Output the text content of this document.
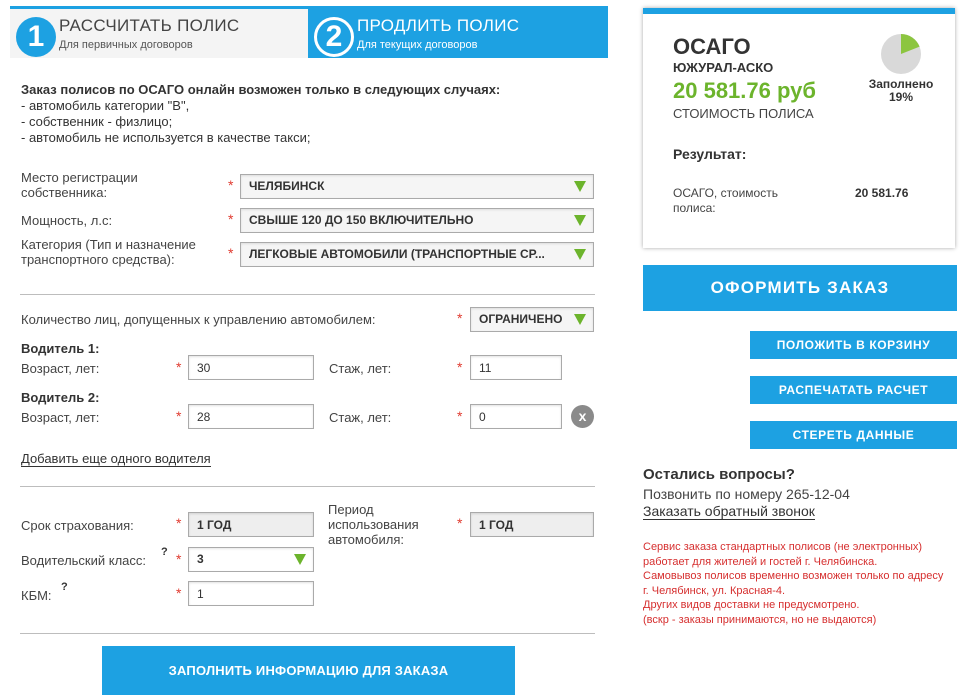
1 РАССЧИТАТЬ ПОЛИС
Для первичных договоров	2 ПРОДЛИТЬ ПОЛИС
Для текущих договоров
Заказ полисов по ОСАГО онлайн возможен только в следующих случаях:
- автомобиль категории "В",
- собственник - физлицо;
- автомобиль не используется в качестве такси;
Место регистрации собственника:	*	ЧЕЛЯБИНСК
Мощность, л.с:	*	СВЫШЕ 120 ДО 150 ВКЛЮЧИТЕЛЬНО
Категория (Тип и назначение транспортного средства):	*	ЛЕГКОВЫЕ АВТОМОБИЛИ (ТРАНСПОРТНЫЕ СР...
Количество лиц, допущенных к управлению автомобилем:	*	ОГРАНИЧЕНО
Водитель 1:
Возраст, лет:	*	30	Стаж, лет:	*	11
Водитель 2:
Возраст, лет:	*	28	Стаж, лет:	*	0	x
Добавить еще одного водителя
Срок страхования:	*	1 ГОД
Период использования автомобиля:
*	1 ГОД
Водительский класс:
? *	3
КБМ:
?	*	1
ЗАПОЛНИТЬ ИНФОРМАЦИЮ ДЛЯ ЗАКАЗА
ОСАГО
ЮЖУРАЛ-АСКО
20 581.76 руб
СТОИМОСТЬ ПОЛИСА
Заполнено
19%
Результат:
ОСАГО, стоимость полиса:
20 581.76
ОФОРМИТЬ ЗАКАЗ
ПОЛОЖИТЬ В КОРЗИНУ
РАСПЕЧАТАТЬ РАСЧЕТ
СТЕРЕТЬ ДАННЫЕ
Остались вопросы?
Позвонить по номеру 265-12-04
Заказать обратный звонок
Сервис заказа стандартных полисов (не электронных) работает для жителей и гостей г. Челябинска.
Самовывоз полисов временно возможен только по адресу г. Челябинск, ул. Красная-4.
Других видов доставки не предусмотрено.
(вскр - заказы принимаются, но не выдаются)
